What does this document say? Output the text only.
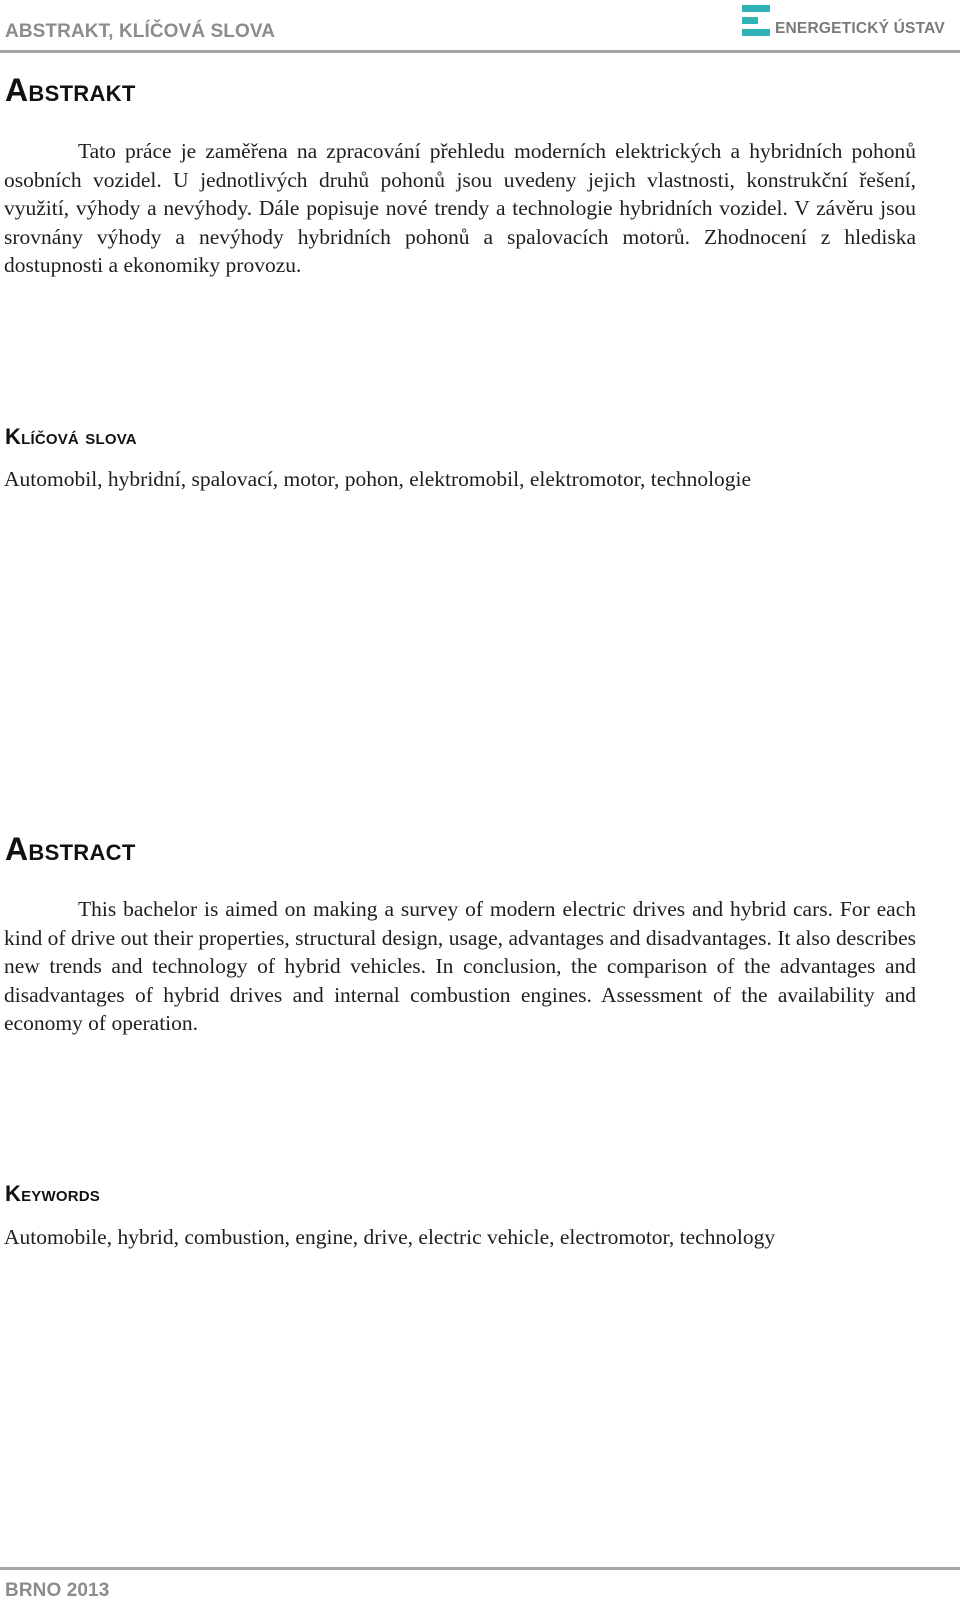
ABSTRAKT, KLÍČOVÁ SLOVA	ENERGETICKÝ ÚSTAV
Abstrakt

Tato práce je zaměřena na zpracování přehledu moderních elektrických a hybridních pohonů osobních vozidel. U jednotlivých druhů pohonů jsou uvedeny jejich vlastnosti, konstrukční řešení, využití, výhody a nevýhody. Dále popisuje nové trendy a technologie hybridních vozidel. V závěru jsou srovnány výhody a nevýhody hybridních pohonů a spalovacích motorů. Zhodnocení z hlediska dostupnosti a ekonomiky provozu.

Klíčová slova

Automobil, hybridní, spalovací, motor, pohon, elektromobil, elektromotor, technologie

Abstract

This bachelor is aimed on making a survey of modern electric drives and hybrid cars. For each kind of drive out their properties, structural design, usage, advantages and disadvantages. It also describes new trends and technology of hybrid vehicles. In conclusion, the comparison of the advantages and disadvantages of hybrid drives and internal combustion engines. Assessment of the availability and economy of operation.

Keywords

Automobile, hybrid, combustion, engine, drive, electric vehicle, electromotor, technology

BRNO 2013
